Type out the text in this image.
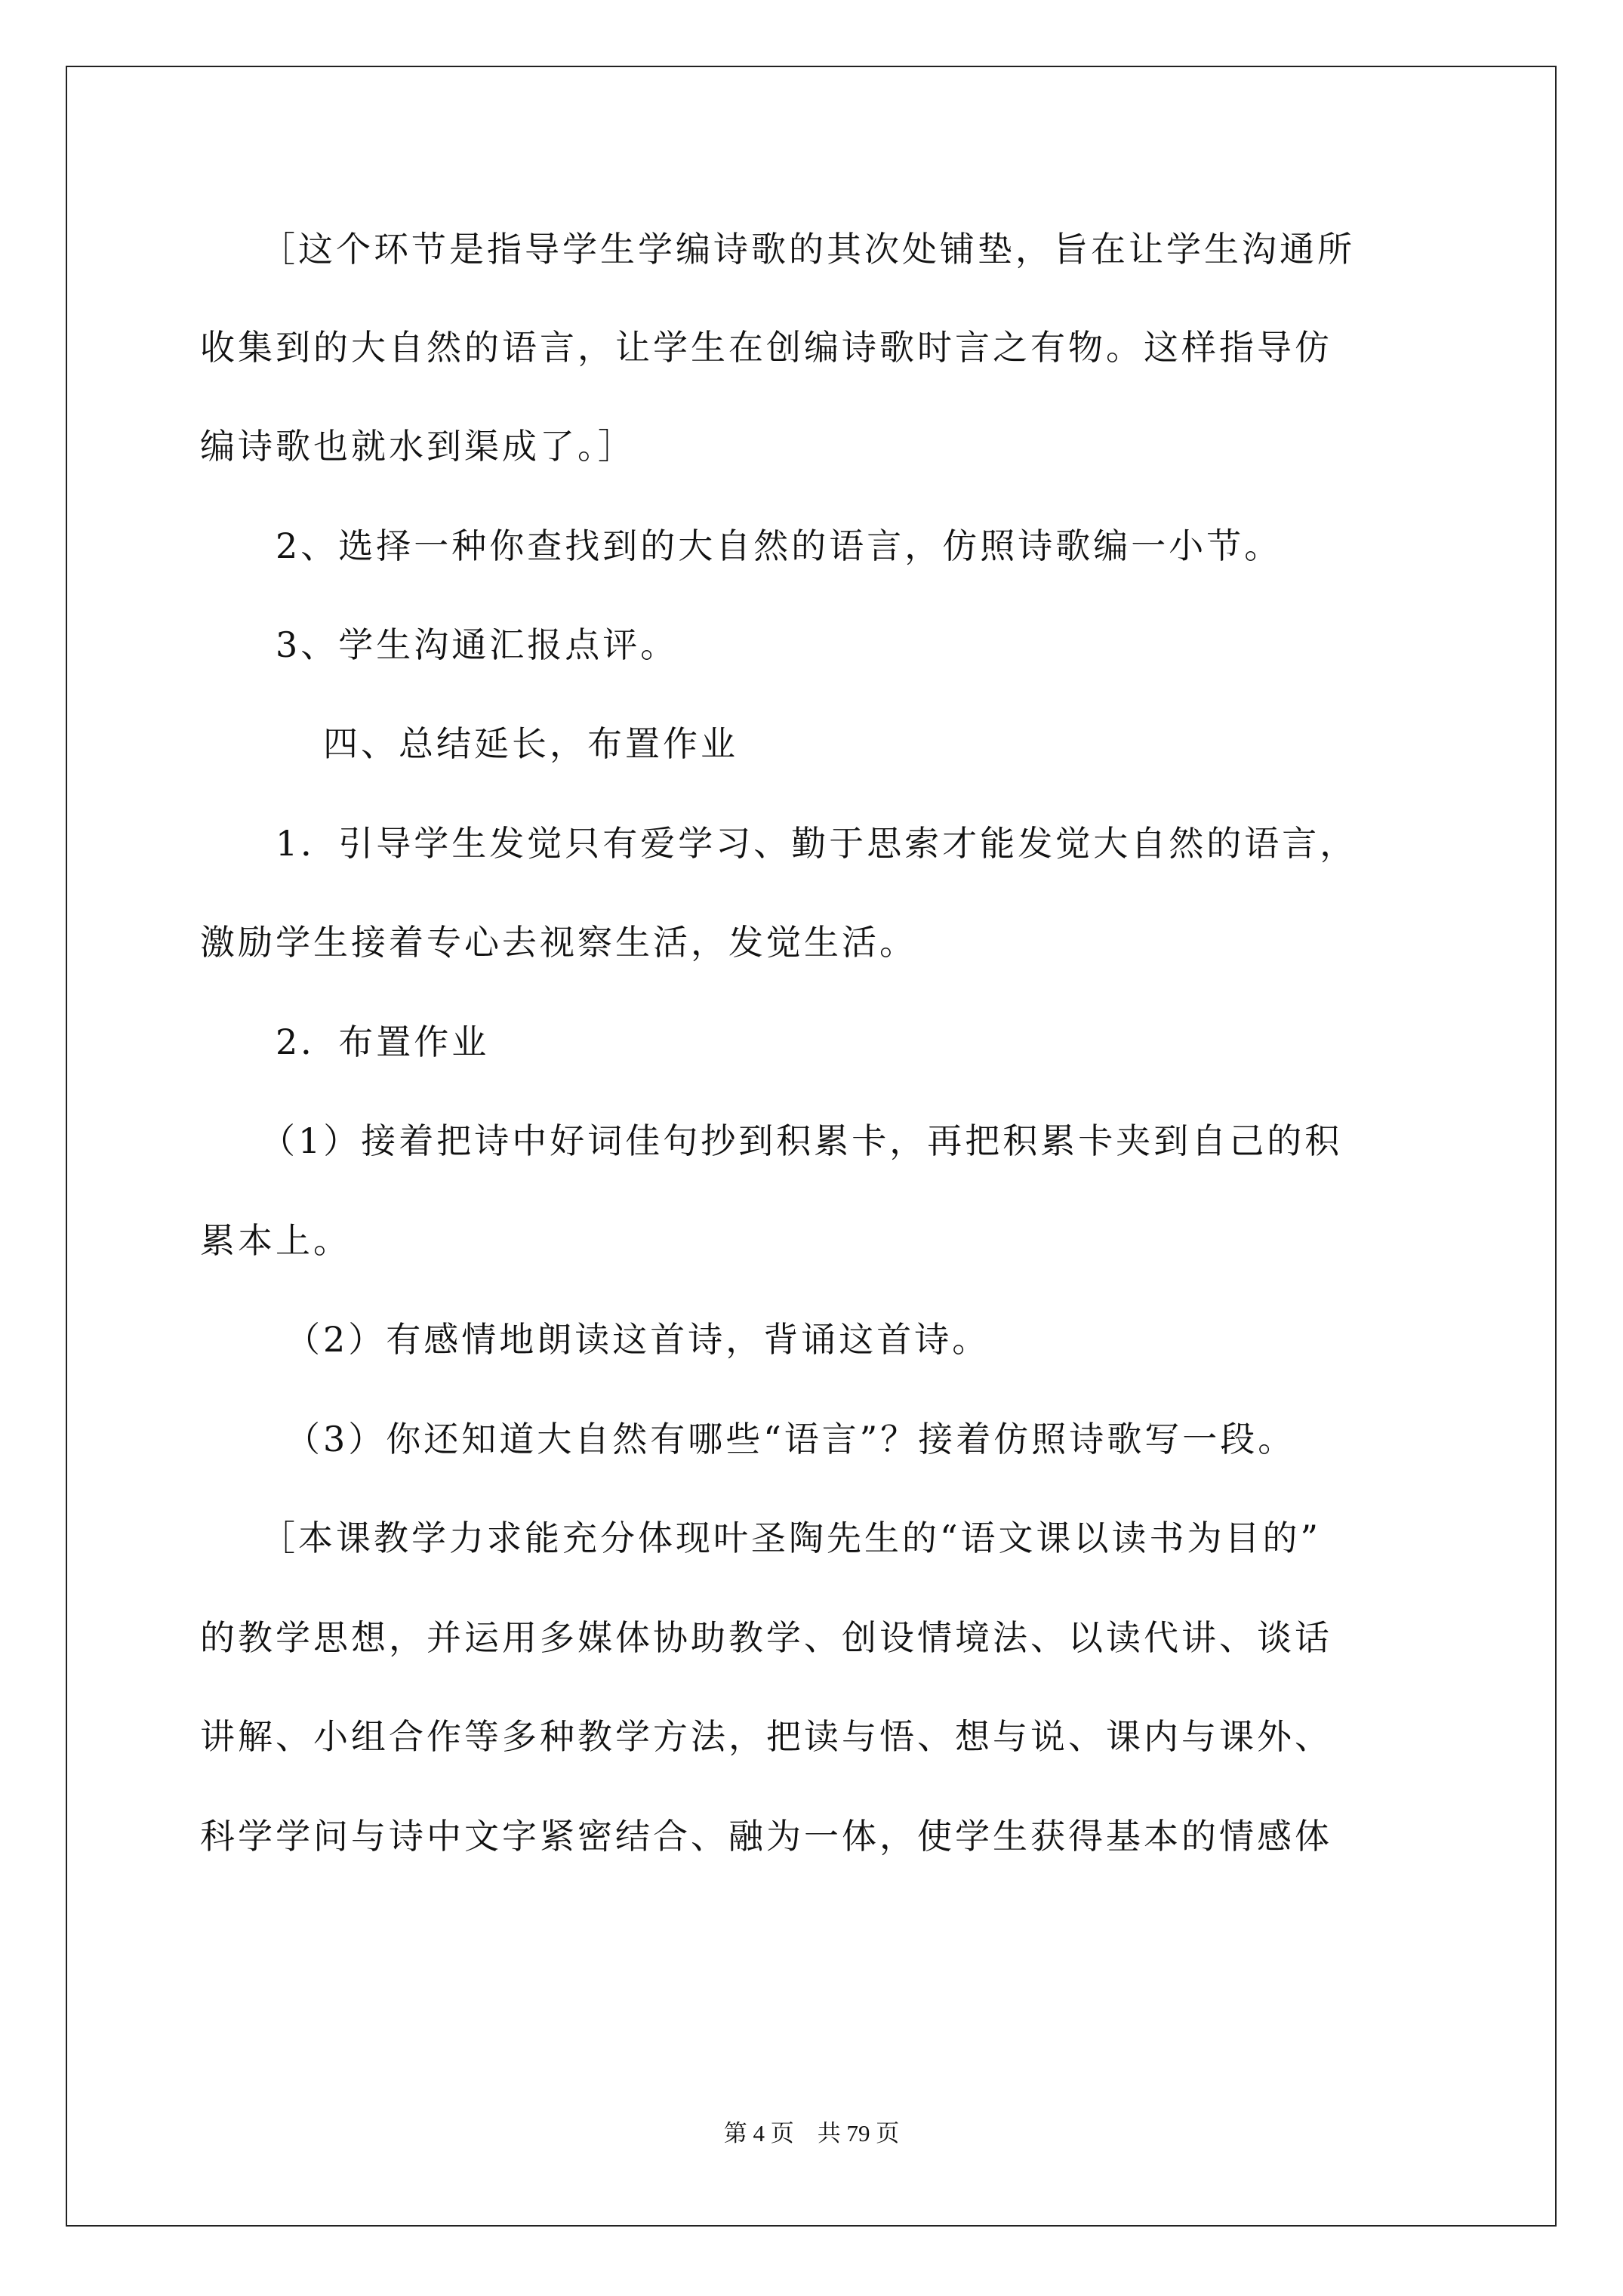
［这个环节是指导学生学编诗歌的其次处铺垫，旨在让学生沟通所
收集到的大自然的语言，让学生在创编诗歌时言之有物。这样指导仿
编诗歌也就水到渠成了。］
2、选择一种你查找到的大自然的语言，仿照诗歌编一小节。
3、学生沟通汇报点评。
四、总结延长，布置作业
1．引导学生发觉只有爱学习、勤于思索才能发觉大自然的语言，
激励学生接着专心去视察生活，发觉生活。
2．布置作业
（1）接着把诗中好词佳句抄到积累卡，再把积累卡夹到自己的积
累本上。
（2）有感情地朗读这首诗，背诵这首诗。
（3）你还知道大自然有哪些“语言”？接着仿照诗歌写一段。
［本课教学力求能充分体现叶圣陶先生的“语文课以读书为目的”
的教学思想，并运用多媒体协助教学、创设情境法、以读代讲、谈话
讲解、小组合作等多种教学方法，把读与悟、想与说、课内与课外、
科学学问与诗中文字紧密结合、融为一体，使学生获得基本的情感体
第 4 页    共 79 页
